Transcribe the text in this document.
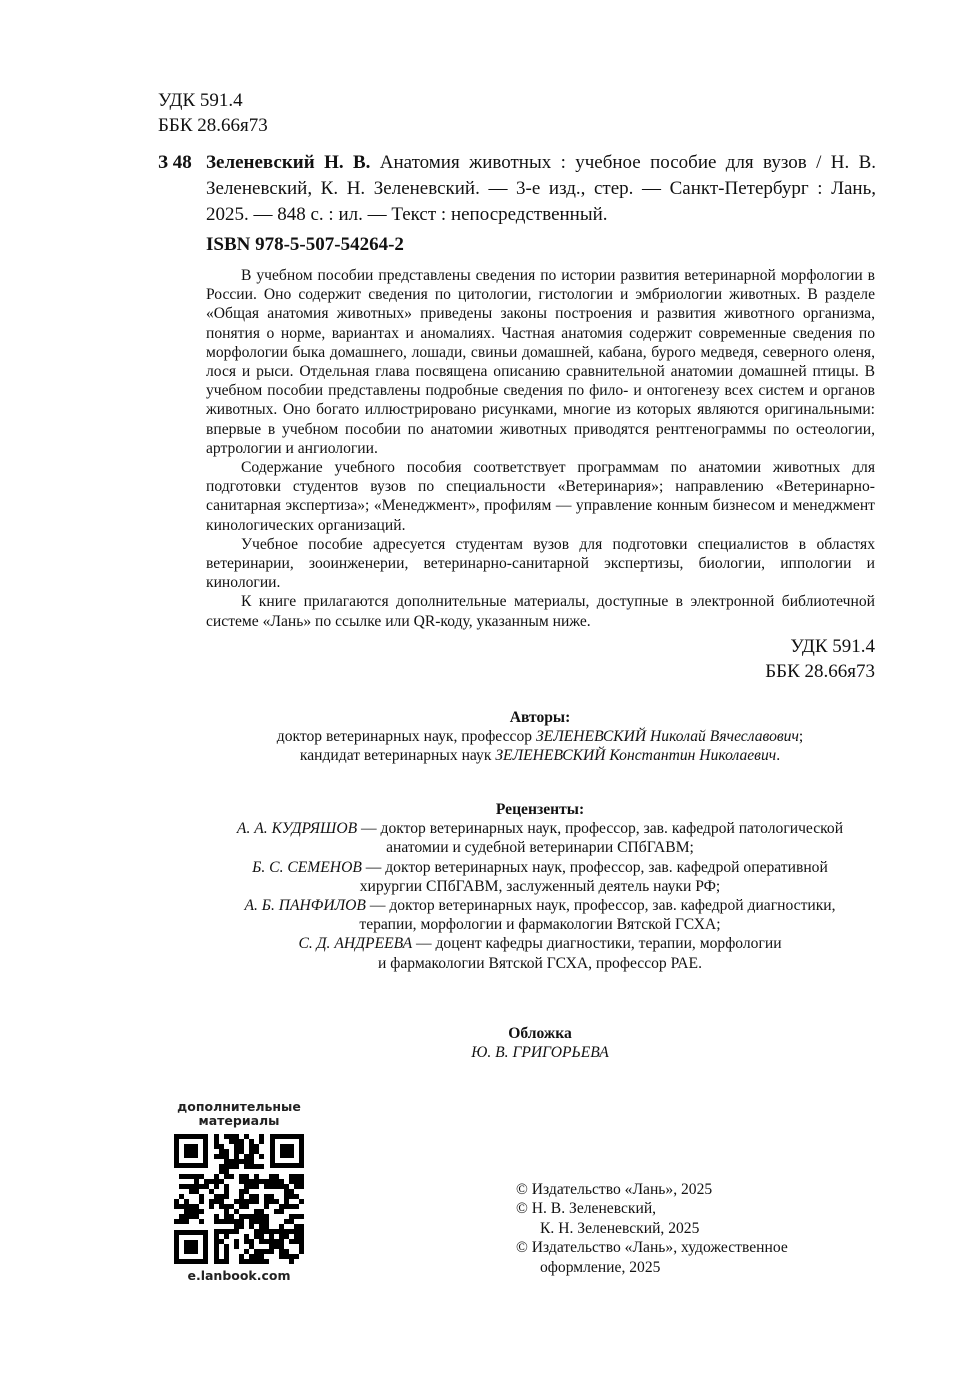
УДК 591.4
ББК 28.66я73
З 48 Зеленевский Н. В. Анатомия животных : учебное пособие для вузов / Н. В. Зеленевский, К. Н. Зеленевский. — 3-е изд., стер. — Санкт-Петербург : Лань, 2025. — 848 с. : ил. — Текст : непосредственный.
ISBN 978-5-507-54264-2

В учебном пособии представлены сведения по истории развития ветеринарной морфологии в России. Оно содержит сведения по цитологии, гистологии и эмбриологии животных. В разделе «Общая анатомия животных» приведены законы построения и развития животного организма, понятия о норме, вариантах и аномалиях. Частная анатомия содержит современные сведения по морфологии быка домашнего, лошади, свиньи домашней, кабана, бурого медведя, северного оленя, лося и рыси. Отдельная глава посвящена описанию сравнительной анатомии домашней птицы. В учебном пособии представлены подробные сведения по фило- и онтогенезу всех систем и органов животных. Оно богато иллюстрировано рисунками, многие из которых являются оригинальными: впервые в учебном пособии по анатомии животных приводятся рентгенограммы по остеологии, артрологии и ангиологии.

Содержание учебного пособия соответствует программам по анатомии животных для подготовки студентов вузов по специальности «Ветеринария»; направлению «Ветеринарно-санитарная экспертиза»; «Менеджмент», профилям — управление конным бизнесом и менеджмент кинологических организаций.

Учебное пособие адресуется студентам вузов для подготовки специалистов в областях ветеринарии, зооинженерии, ветеринарно-санитарной экспертизы, биологии, иппологии и кинологии.

К книге прилагаются дополнительные материалы, доступные в электронной библиотечной системе «Лань» по ссылке или QR-коду, указанным ниже.

УДК 591.4
ББК 28.66я73
Авторы:
доктор ветеринарных наук, профессор ЗЕЛЕНЕВСКИЙ Николай Вячеславович;
кандидат ветеринарных наук ЗЕЛЕНЕВСКИЙ Константин Николаевич.
Рецензенты:
А. А. КУДРЯШОВ — доктор ветеринарных наук, профессор, зав. кафедрой патологической
анатомии и судебной ветеринарии СПбГАВМ;
Б. С. СЕМЕНОВ — доктор ветеринарных наук, профессор, зав. кафедрой оперативной
хирургии СПбГАВМ, заслуженный деятель науки РФ;
А. Б. ПАНФИЛОВ — доктор ветеринарных наук, профессор, зав. кафедрой диагностики,
терапии, морфологии и фармакологии Вятской ГСХА;
С. Д. АНДРЕЕВА — доцент кафедры диагностики, терапии, морфологии
и фармакологии Вятской ГСХА, профессор РАЕ.
Обложка
Ю. В. ГРИГОРЬЕВА
дополнительные
материалы
e.lanbook.com
© Издательство «Лань», 2025
© Н. В. Зеленевский,
К. Н. Зеленевский, 2025
© Издательство «Лань», художественное
оформление, 2025
